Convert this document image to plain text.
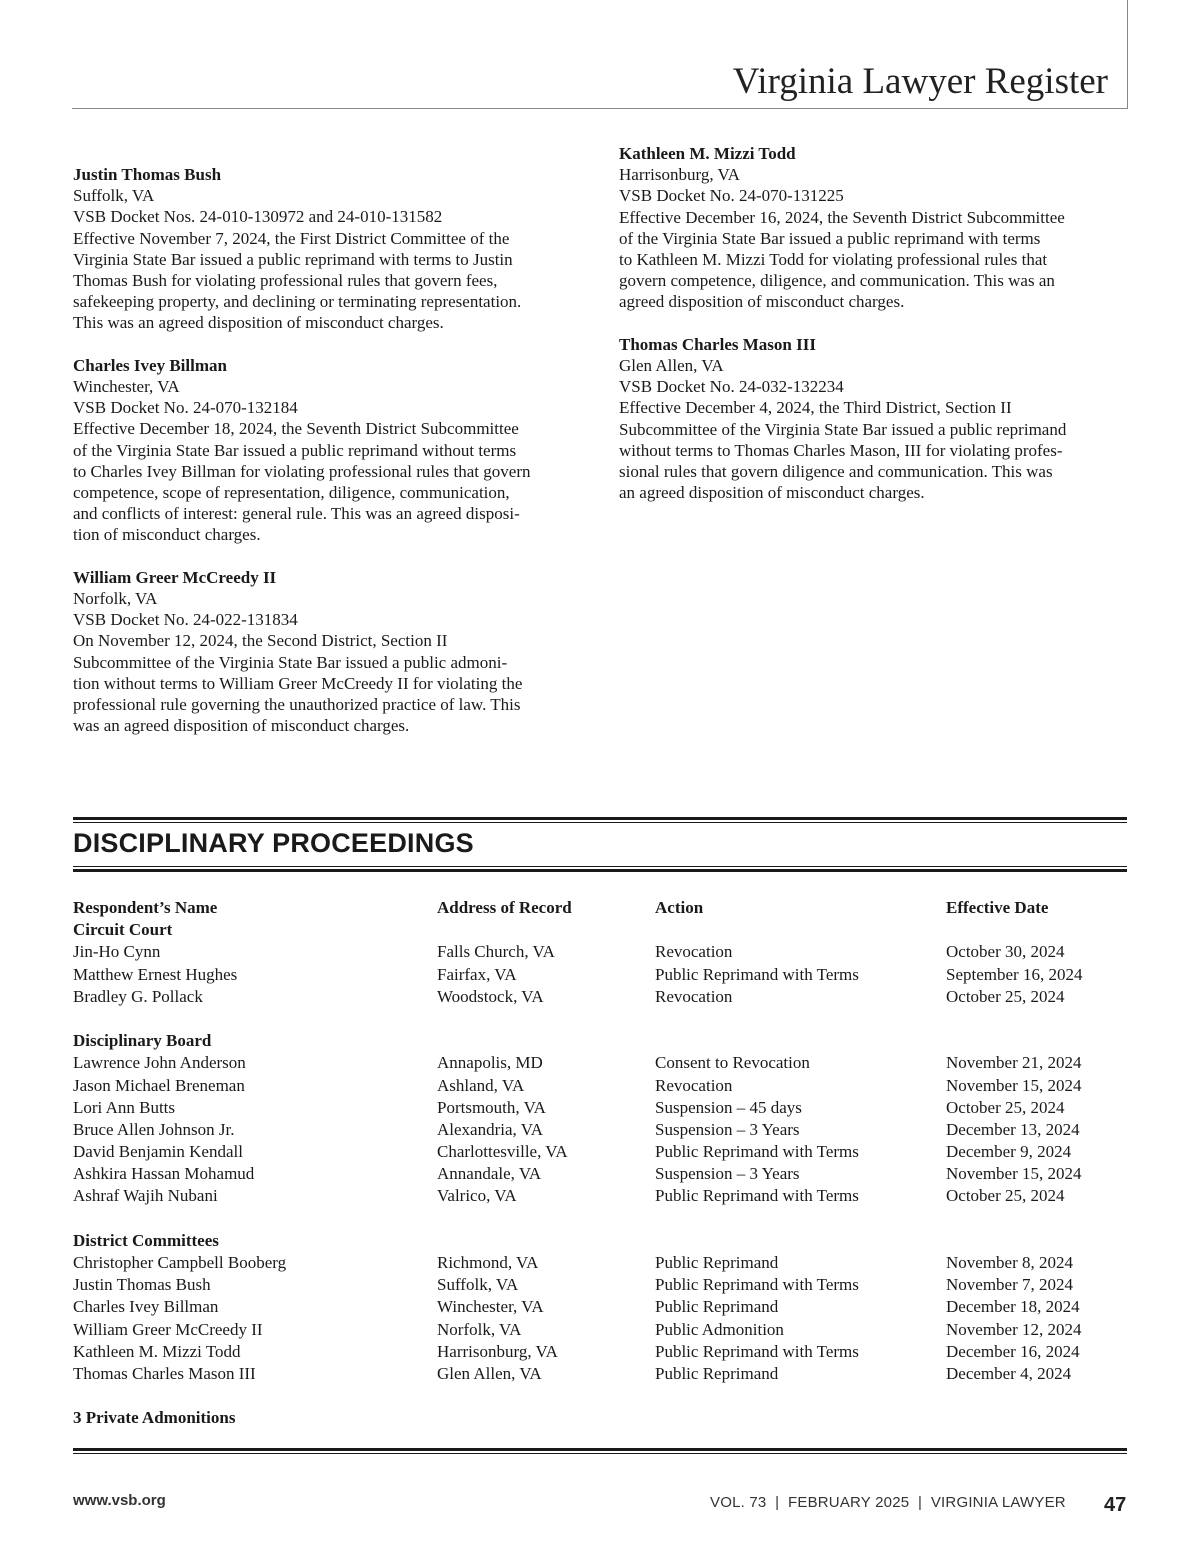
Virginia Lawyer Register
Justin Thomas Bush
Suffolk, VA
VSB Docket Nos. 24-010-130972 and 24-010-131582
Effective November 7, 2024, the First District Committee of the
Virginia State Bar issued a public reprimand with terms to Justin
Thomas Bush for violating professional rules that govern fees,
safekeeping property, and declining or terminating representation.
This was an agreed disposition of misconduct charges.
Charles Ivey Billman
Winchester, VA
VSB Docket No. 24-070-132184
Effective December 18, 2024, the Seventh District Subcommittee
of the Virginia State Bar issued a public reprimand without terms
to Charles Ivey Billman for violating professional rules that govern
competence, scope of representation, diligence, communication,
and conflicts of interest: general rule. This was an agreed disposi-
tion of misconduct charges.
William Greer McCreedy II
Norfolk, VA
VSB Docket No. 24-022-131834
On November 12, 2024, the Second District, Section II
Subcommittee of the Virginia State Bar issued a public admoni-
tion without terms to William Greer McCreedy II for violating the
professional rule governing the unauthorized practice of law. This
was an agreed disposition of misconduct charges.
Kathleen M. Mizzi Todd
Harrisonburg, VA
VSB Docket No. 24-070-131225
Effective December 16, 2024, the Seventh District Subcommittee
of the Virginia State Bar issued a public reprimand with terms
to Kathleen M. Mizzi Todd for violating professional rules that
govern competence, diligence, and communication. This was an
agreed disposition of misconduct charges.
Thomas Charles Mason III
Glen Allen, VA
VSB Docket No. 24-032-132234
Effective December 4, 2024, the Third District, Section II
Subcommittee of the Virginia State Bar issued a public reprimand
without terms to Thomas Charles Mason, III for violating profes-
sional rules that govern diligence and communication. This was
an agreed disposition of misconduct charges.
DISCIPLINARY PROCEEDINGS
Respondent’s Name	Address of Record	Action	Effective Date
Circuit Court
Jin-Ho Cynn	Falls Church, VA	Revocation	October 30, 2024
Matthew Ernest Hughes	Fairfax, VA	Public Reprimand with Terms	September 16, 2024
Bradley G. Pollack	Woodstock, VA	Revocation	October 25, 2024
Disciplinary Board
Lawrence John Anderson	Annapolis, MD	Consent to Revocation	November 21, 2024
Jason Michael Breneman	Ashland, VA	Revocation	November 15, 2024
Lori Ann Butts	Portsmouth, VA	Suspension – 45 days	October 25, 2024
Bruce Allen Johnson Jr.	Alexandria, VA	Suspension – 3 Years	December 13, 2024
David Benjamin Kendall	Charlottesville, VA	Public Reprimand with Terms	December 9, 2024
Ashkira Hassan Mohamud	Annandale, VA	Suspension – 3 Years	November 15, 2024
Ashraf Wajih Nubani	Valrico, VA	Public Reprimand with Terms	October 25, 2024
District Committees
Christopher Campbell Booberg	Richmond, VA	Public Reprimand	November 8, 2024
Justin Thomas Bush	Suffolk, VA	Public Reprimand with Terms	November 7, 2024
Charles Ivey Billman	Winchester, VA	Public Reprimand	December 18, 2024
William Greer McCreedy II	Norfolk, VA	Public Admonition	November 12, 2024
Kathleen M. Mizzi Todd	Harrisonburg, VA	Public Reprimand with Terms	December 16, 2024
Thomas Charles Mason III	Glen Allen, VA	Public Reprimand	December 4, 2024
3 Private Admonitions
www.vsb.org	VOL. 73  |  FEBRUARY 2025  |  VIRGINIA LAWYER 47
